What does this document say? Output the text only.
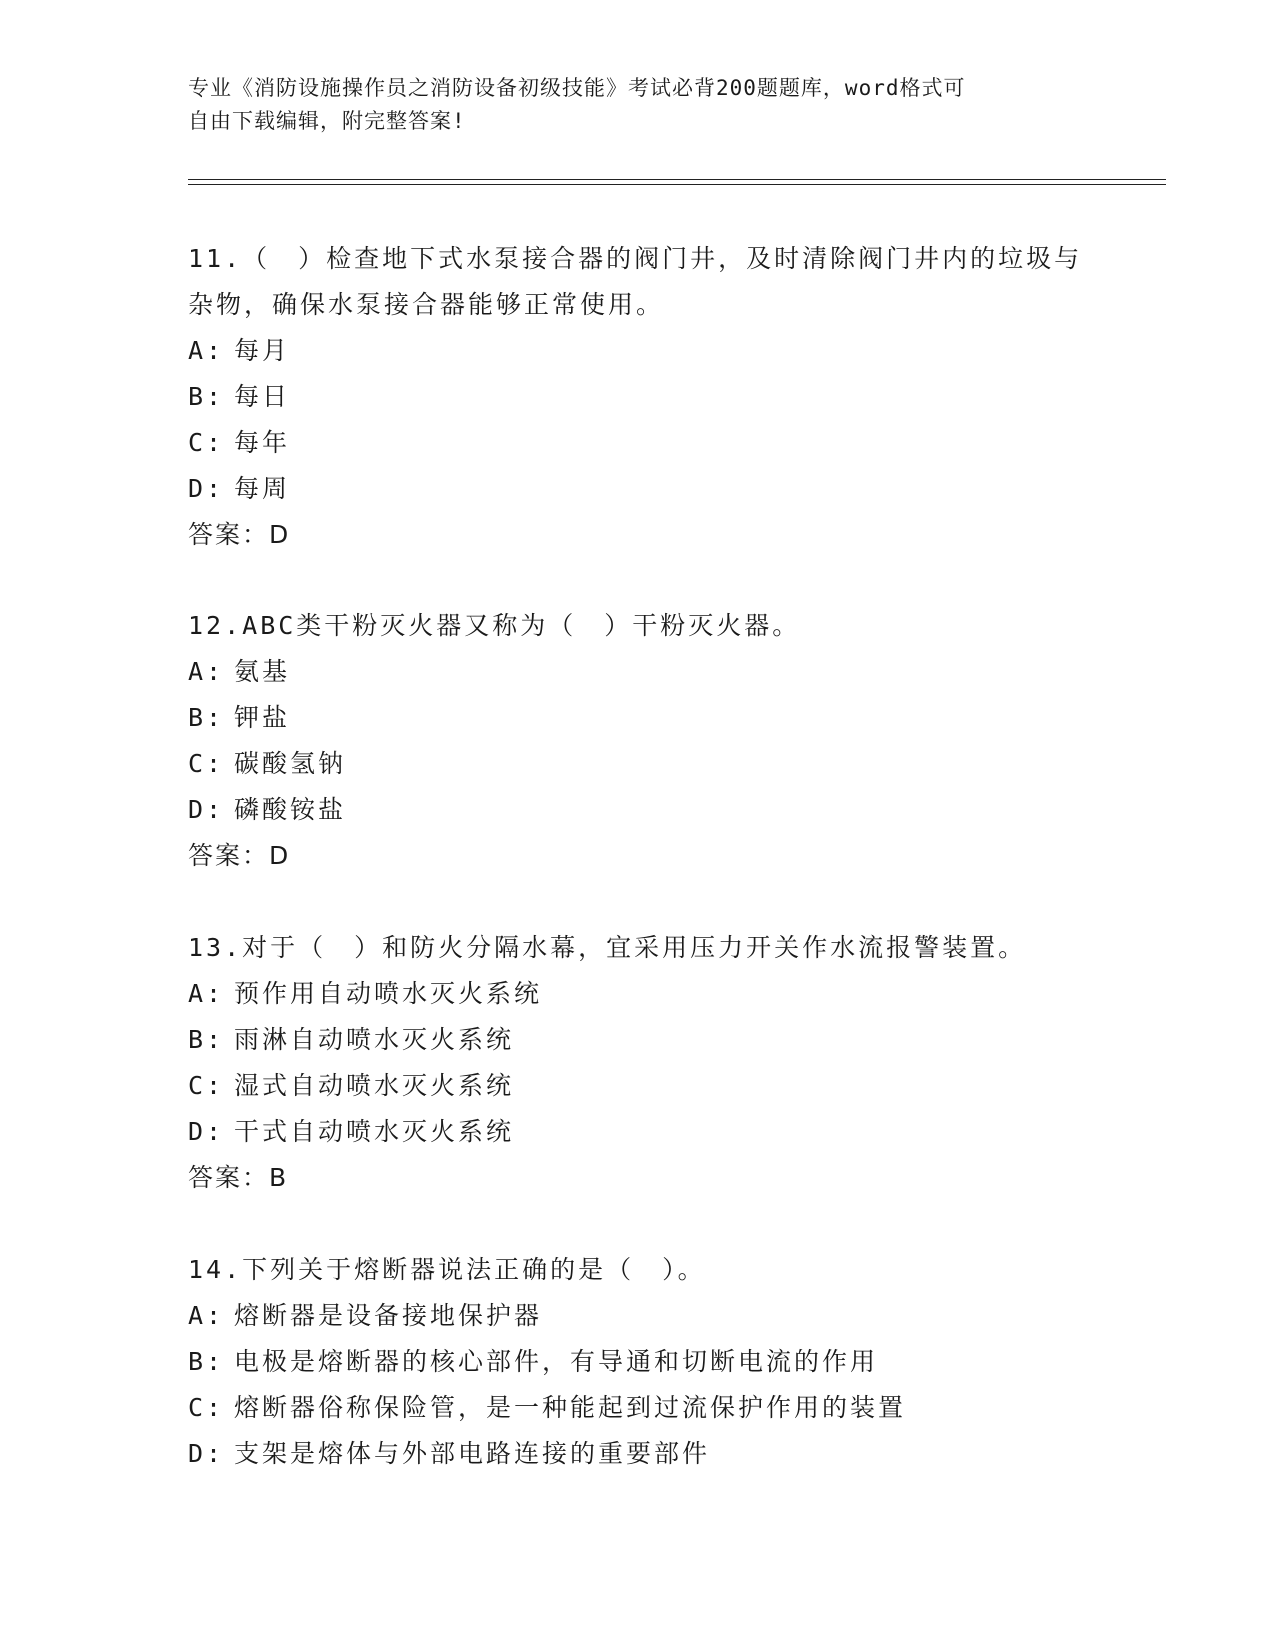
专业《消防设施操作员之消防设备初级技能》考试必背200题题库，word格式可
自由下载编辑，附完整答案!
11.（　）检查地下式水泵接合器的阀门井，及时清除阀门井内的垃圾与杂物，确保水泵接合器能够正常使用。
A: 每月
B: 每日
C: 每年
D: 每周
答案：D
12.ABC类干粉灭火器又称为（　）干粉灭火器。
A: 氨基
B: 钾盐
C: 碳酸氢钠
D: 磷酸铵盐
答案：D
13.对于（　）和防火分隔水幕，宜采用压力开关作水流报警装置。
A: 预作用自动喷水灭火系统
B: 雨淋自动喷水灭火系统
C: 湿式自动喷水灭火系统
D: 干式自动喷水灭火系统
答案：B
14.下列关于熔断器说法正确的是（　）。
A: 熔断器是设备接地保护器
B: 电极是熔断器的核心部件，有导通和切断电流的作用
C: 熔断器俗称保险管，是一种能起到过流保护作用的装置
D: 支架是熔体与外部电路连接的重要部件
